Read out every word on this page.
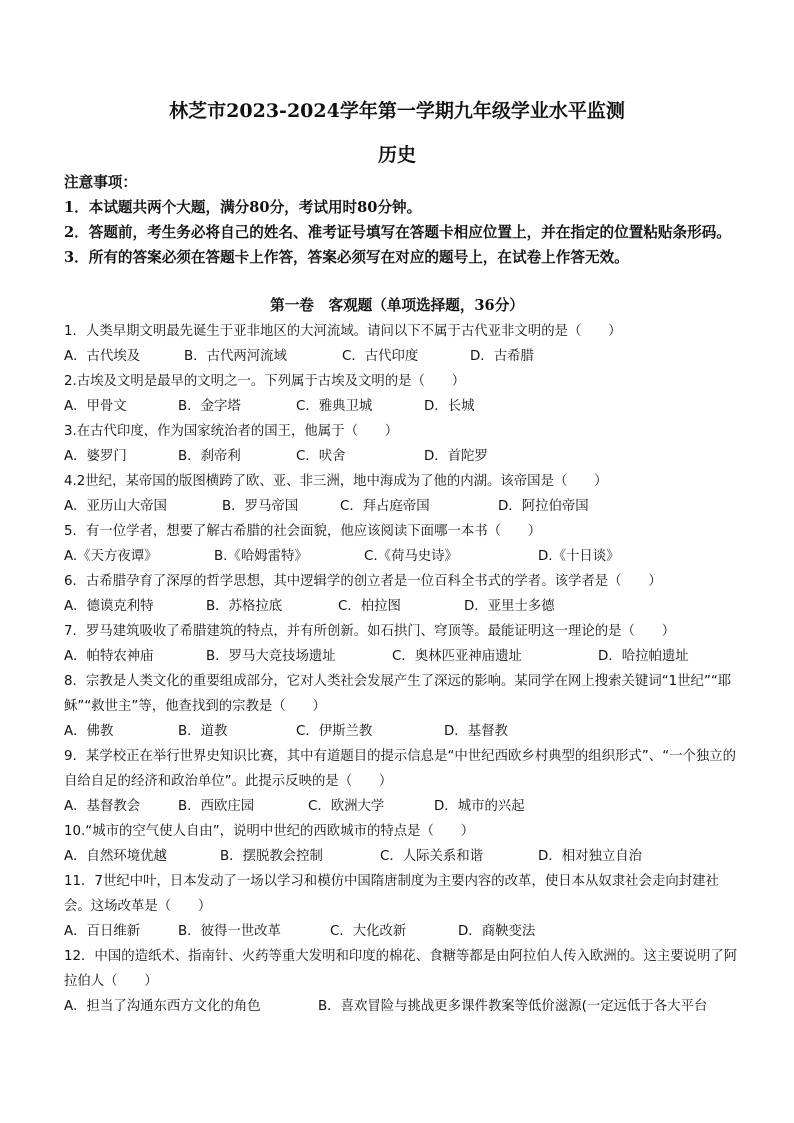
林芝市2023-2024学年第一学期九年级学业水平监测
历史
注意事项：
1．本试题共两个大题，满分80分，考试用时80分钟。
2．答题前，考生务必将自己的姓名、准考证号填写在答题卡相应位置上，并在指定的位置粘贴条形码。
3．所有的答案必须在答题卡上作答，答案必须写在对应的题号上，在试卷上作答无效。
第一卷　客观题（单项选择题，36分）
1．人类早期文明最先诞生于亚非地区的大河流域。请问以下不属于古代亚非文明的是（　　）
A．古代埃及	B．古代两河流域	C．古代印度	D．古希腊
2.古埃及文明是最早的文明之一。下列属于古埃及文明的是（　　）
A．甲骨文	B．金字塔	C．雅典卫城	D．长城
3.在古代印度，作为国家统治者的国王，他属于（　　）
A．婆罗门	B．刹帝利	C．吠舍	D．首陀罗
4.2世纪，某帝国的版图横跨了欧、亚、非三洲，地中海成为了他的内湖。该帝国是（　　）
A．亚历山大帝国	B．罗马帝国	C．拜占庭帝国	D．阿拉伯帝国
5．有一位学者，想要了解古希腊的社会面貌，他应该阅读下面哪一本书（　　）
A.《天方夜谭》	B.《哈姆雷特》	C.《荷马史诗》	D.《十日谈》
6．古希腊孕育了深厚的哲学思想，其中逻辑学的创立者是一位百科全书式的学者。该学者是（　　）
A．德谟克利特	B．苏格拉底	C．柏拉图	D．亚里士多德
7．罗马建筑吸收了希腊建筑的特点，并有所创新。如石拱门、穹顶等。最能证明这一理论的是（　　）
A．帕特农神庙	B．罗马大竞技场遗址	C．奥林匹亚神庙遗址	D．哈拉帕遗址
8．宗教是人类文化的重要组成部分，它对人类社会发展产生了深远的影响。某同学在网上搜索关键词“1世纪”“耶稣”“救世主”等，他查找到的宗教是（　　）
A．佛教	B．道教	C．伊斯兰教	D．基督教
9．某学校正在举行世界史知识比赛，其中有道题目的提示信息是“中世纪西欧乡村典型的组织形式”、“一个独立的自给自足的经济和政治单位”。此提示反映的是（　　）
A．基督教会	B．西欧庄园	C．欧洲大学	D．城市的兴起
10.“城市的空气使人自由”，说明中世纪的西欧城市的特点是（　　）
A．自然环境优越	B．摆脱教会控制	C．人际关系和谐	D．相对独立自治
11．7世纪中叶，日本发动了一场以学习和模仿中国隋唐制度为主要内容的改革，使日本从奴隶社会走向封建社会。这场改革是（　　）
A．百日维新	B．彼得一世改革	C．大化改新	D．商鞅变法
12．中国的造纸术、指南针、火药等重大发明和印度的棉花、食糖等都是由阿拉伯人传入欧洲的。这主要说明了阿拉伯人（　　）
A．担当了沟通东西方文化的角色	B．喜欢冒险与挑战更多课件教案等低价滋源(一定远低于各大平台
